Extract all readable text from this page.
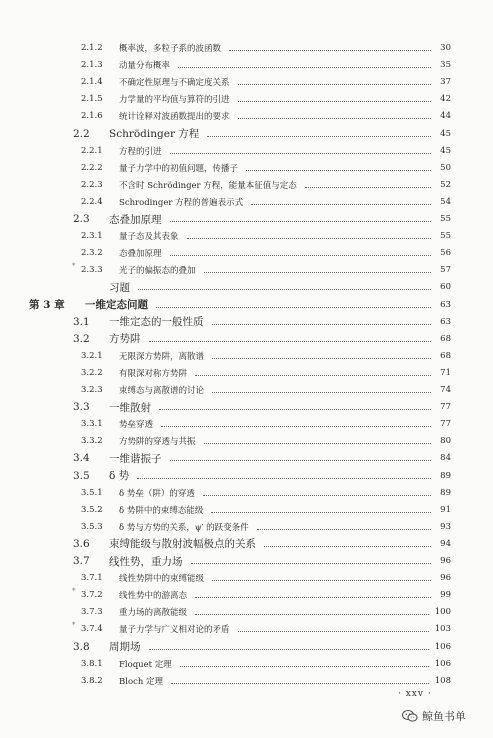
2.1.2	概率波，多粒子系的波函数	30
2.1.3	动量分布概率	35
2.1.4	不确定性原理与不确定度关系	37
2.1.5	力学量的平均值与算符的引进	42
2.1.6	统计诠释对波函数提出的要求	44
2.2	Schrödinger 方程	45
2.2.1	方程的引进	45
2.2.2	量子力学中的初值问题，传播子	50
2.2.3	不含时 Schrödinger 方程，能量本征值与定态	52
2.2.4	Schrodinger 方程的普遍表示式	54
2.3	态叠加原理	55
2.3.1	量子态及其表象	55
2.3.2	态叠加原理	56
* 2.3.3	光子的偏振态的叠加	57
习题	60
第 3 章	一维定态问题	63
3.1	一维定态的一般性质	63
3.2	方势阱	68
3.2.1	无限深方势阱，离散谱	68
3.2.2	有限深对称方势阱	71
3.2.3	束缚态与离散谱的讨论	74
3.3	一维散射	77
3.3.1	势垒穿透	77
3.3.2	方势阱的穿透与共振	80
3.4	一维谐振子	84
3.5	δ 势	89
3.5.1	δ 势垒（阱）的穿透	89
3.5.2	δ 势阱中的束缚态能级	91
3.5.3	δ 势与方势的关系，ψ′ 的跃变条件	93
3.6	束缚能级与散射波幅极点的关系	94
3.7	线性势，重力场	96
3.7.1	线性势阱中的束缚能级	96
* 3.7.2	线性势中的游离态	99
3.7.3	重力场的离散能级	100
* 3.7.4	量子力学与广义相对论的矛盾	103
3.8	周期场	106
3.8.1	Floquet 定理	106
3.8.2	Bloch 定理	108
· xxv ·
鲸鱼书单
